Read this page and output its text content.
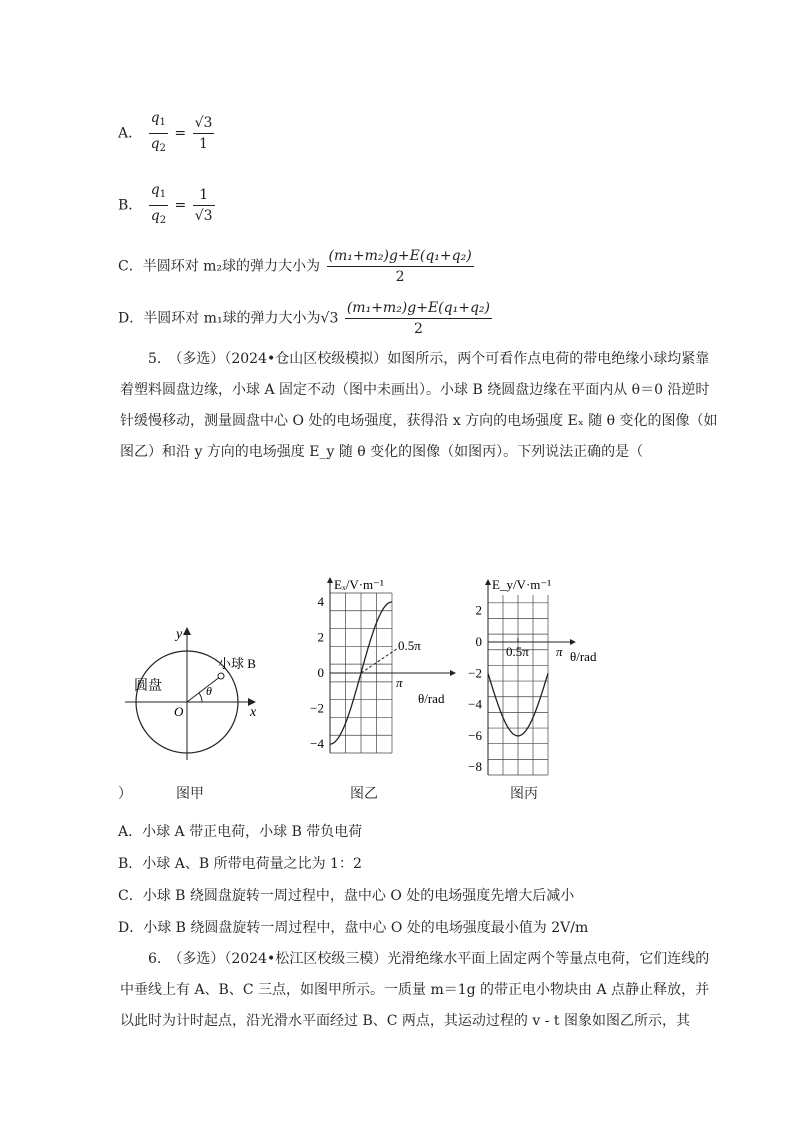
A． $\frac{q_1}{q_2} = \frac{√3}{1}$
B． $\frac{q_1}{q_2} = \frac{1}{√3}$
C．半圆环对 m₂球的弹力大小为 $\frac{\text{(m₁+m₂)g+E(q₁+q₂)}}{2}$
D．半圆环对 m₁球的弹力大小为$√3 \frac{\text{(m₁+m₂)g+E(q₁+q₂)}}{2}$
5.　（多选）（2024•仓山区校级模拟）如图所示，两个可看作点电荷的带电绝缘小球均紧靠着塑料圆盘边缘，小球 A 固定不动（图中未画出）。小球 B 绕圆盘边缘在平面内从 θ＝0 沿逆时针缓慢移动，测量圆盘中心 O 处的电场强度，获得沿 x 方向的电场强度 Eₓ 随 θ 变化的图像（如图乙）和沿 y 方向的电场强度 E_y 随 θ 变化的图像（如图丙）。下列说法正确的是（
y
x
O
圆盘
小球 B
θ
图甲
4
2
0
−2
−4
Eₓ/V·m⁻¹
θ/rad
π
0.5π
图乙
2
0
−2
−4
−6
−8
E_y/V·m⁻¹
θ/rad
π
0.5π
图丙
）
A．小球 A 带正电荷，小球 B 带负电荷
B．小球 A、B 所带电荷量之比为 1：2
C．小球 B 绕圆盘旋转一周过程中，盘中心 O 处的电场强度先增大后减小
D．小球 B 绕圆盘旋转一周过程中，盘中心 O 处的电场强度最小值为 2V/m
6.　（多选）（2024•松江区校级三模）光滑绝缘水平面上固定两个等量点电荷，它们连线的中垂线上有 A、B、C 三点，如图甲所示。一质量 m＝1g 的带正电小物块由 A 点静止释放，并以此时为计时起点，沿光滑水平面经过 B、C 两点，其运动过程的 v - t 图象如图乙所示，其
